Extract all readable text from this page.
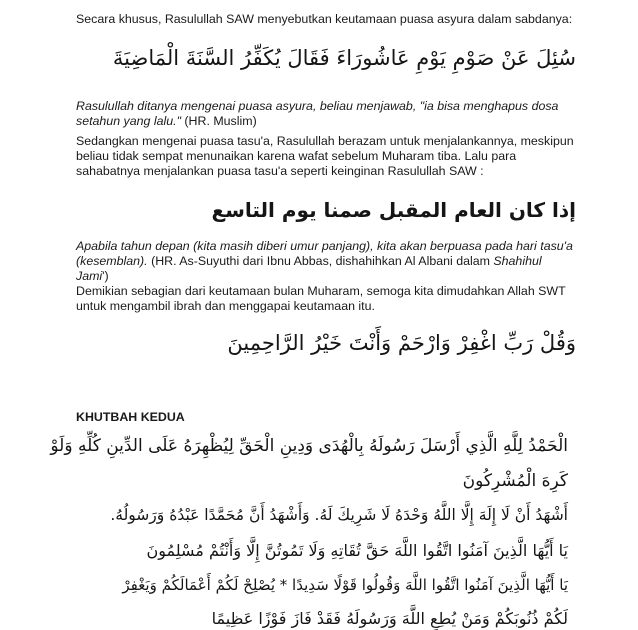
Secara khusus, Rasulullah SAW menyebutkan keutamaan puasa asyura dalam sabdanya:

سُئِلَ عَنْ صَوْمِ يَوْمِ عَاشُورَاءَ فَقَالَ يُكَفِّرُ السَّنَةَ الْمَاضِيَةَ

Rasulullah ditanya mengenai puasa asyura, beliau menjawab, "ia bisa menghapus dosa setahun yang lalu." (HR. Muslim)

Sedangkan mengenai puasa tasu'a, Rasulullah berazam untuk menjalankannya, meskipun beliau tidak sempat menunaikan karena wafat sebelum Muharam tiba. Lalu para sahabatnya menjalankan puasa tasu'a seperti keinginan Rasulullah SAW :

إذا كان العام المقبل صمنا يوم التاسع

Apabila tahun depan (kita masih diberi umur panjang), kita akan berpuasa pada hari tasu'a (kesemblan). (HR. As-Suyuthi dari Ibnu Abbas, dishahihkan Al Albani dalam Shahihul Jami')

Demikian sebagian dari keutamaan bulan Muharam, semoga kita dimudahkan Allah SWT untuk mengambil ibrah dan menggapai keutamaan itu.

وَقُلْ رَبِّ اغْفِرْ وَارْحَمْ وَأَنْتَ خَيْرُ الرَّاحِمِينَ

KHUTBAH KEDUA

الْحَمْدُ لِلَّهِ الَّذِي أَرْسَلَ رَسُولَهُ بِالْهُدَى وَدِينِ الْحَقِّ لِيُظْهِرَهُ عَلَى الدِّينِ كُلِّهِ وَلَوْ

كَرِهَ الْمُشْرِكُونَ

أَشْهَدُ أَنْ لَا إِلَهَ إِلَّا اللَّهُ وَحْدَهُ لَا شَرِيكَ لَهُ. وَأَشْهَدُ أَنَّ مُحَمَّدًا عَبْدُهُ وَرَسُولُهُ.

يَا أَيُّهَا الَّذِينَ آمَنُوا اتَّقُوا اللَّهَ حَقَّ تُقَاتِهِ وَلَا تَمُوتُنَّ إِلَّا وَأَنْتُمْ مُسْلِمُونَ

يَا أَيُّهَا الَّذِينَ آمَنُوا اتَّقُوا اللَّهَ وَقُولُوا قَوْلًا سَدِيدًا * يُصْلِحْ لَكُمْ أَعْمَالَكُمْ وَيَغْفِرْ

لَكُمْ ذُنُوبَكُمْ وَمَنْ يُطِعِ اللَّهَ وَرَسُولَهُ فَقَدْ فَازَ فَوْزًا عَظِيمًا
